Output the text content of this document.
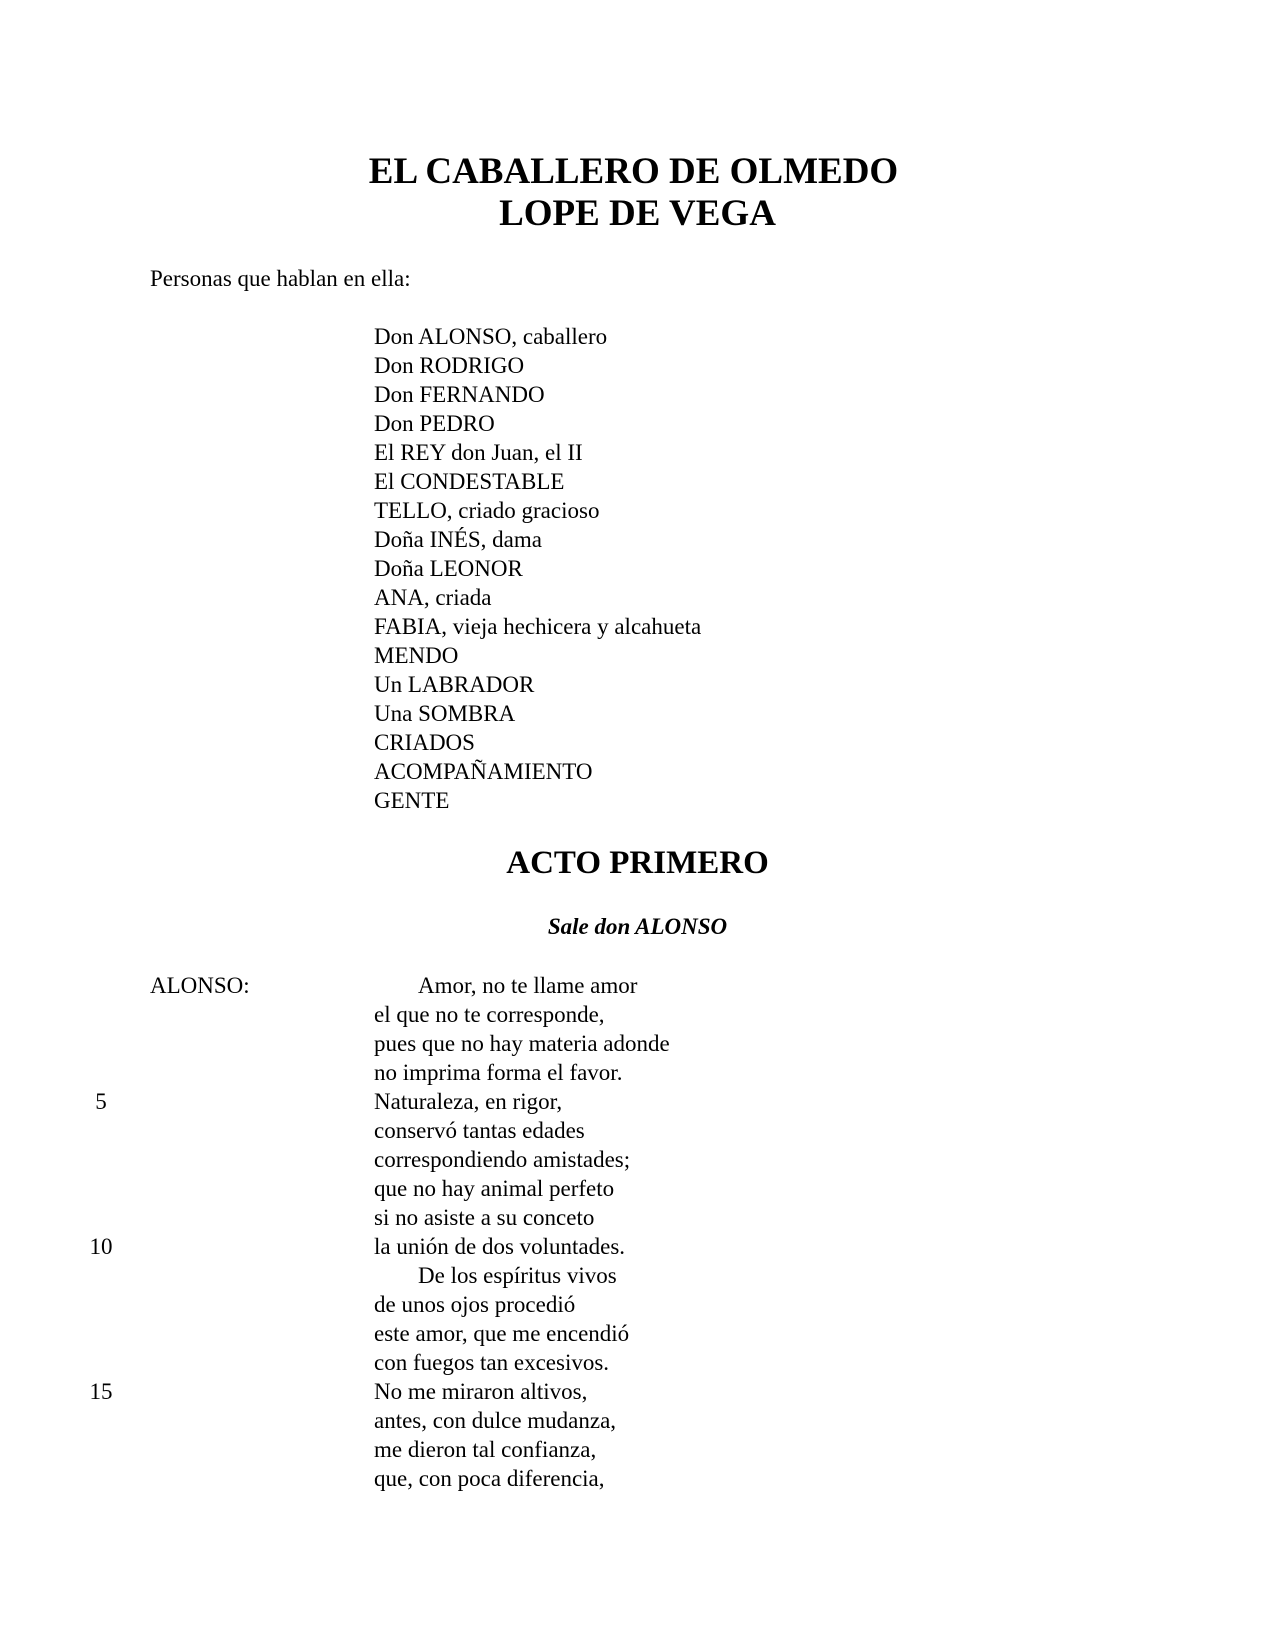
EL CABALLERO DE OLMEDO
LOPE DE VEGA
Personas que hablan en ella:
Don ALONSO, caballero
Don RODRIGO
Don FERNANDO
Don PEDRO
El REY don Juan, el II
El CONDESTABLE
TELLO, criado gracioso
Doña INÉS, dama
Doña LEONOR
ANA, criada
FABIA, vieja hechicera y alcahueta
MENDO
Un LABRADOR
Una SOMBRA
CRIADOS
ACOMPAÑAMIENTO
GENTE
ACTO PRIMERO
Sale don ALONSO
ALONSO:	Amor, no te llame amor
el que no te corresponde,
pues que no hay materia adonde
no imprima forma el favor.
5	Naturaleza, en rigor,
conservó tantas edades
correspondiendo amistades;
que no hay animal perfeto
si no asiste a su conceto
10	la unión de dos voluntades.
De los espíritus vivos
de unos ojos procedió
este amor, que me encendió
con fuegos tan excesivos.
15	No me miraron altivos,
antes, con dulce mudanza,
me dieron tal confianza,
que, con poca diferencia,
